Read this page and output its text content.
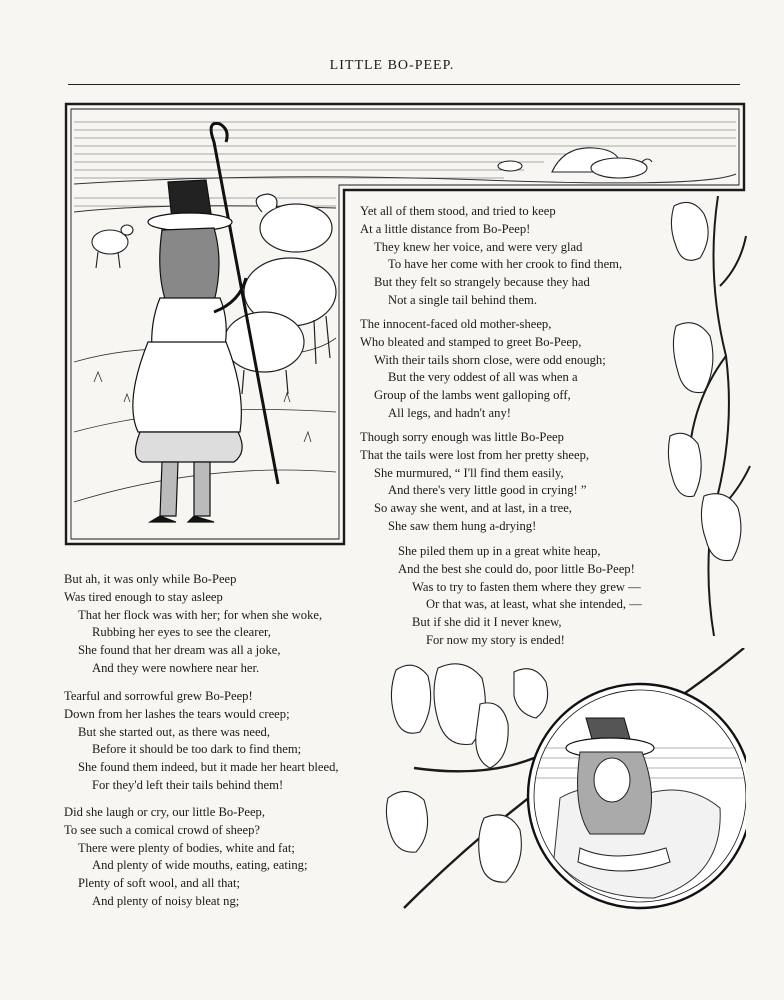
LITTLE BO-PEEP.
Yet all of them stood, and tried to keep
At a little distance from Bo-Peep!
They knew her voice, and were very glad
To have her come with her crook to find them,
But they felt so strangely because they had
Not a single tail behind them.
The innocent-faced old mother-sheep,
Who bleated and stamped to greet Bo-Peep,
With their tails shorn close, were odd enough;
But the very oddest of all was when a
Group of the lambs went galloping off,
All legs, and hadn't any!
Though sorry enough was little Bo-Peep
That the tails were lost from her pretty sheep,
She murmured, “ I'll find them easily,
And there's very little good in crying! ”
So away she went, and at last, in a tree,
She saw them hung a-drying!
She piled them up in a great white heap,
And the best she could do, poor little Bo-Peep!
Was to try to fasten them where they grew —
Or that was, at least, what she intended, —
But if she did it I never knew,
For now my story is ended!
But ah, it was only while Bo-Peep
Was tired enough to stay asleep
That her flock was with her; for when she woke,
Rubbing her eyes to see the clearer,
She found that her dream was all a joke,
And they were nowhere near her.
Tearful and sorrowful grew Bo-Peep!
Down from her lashes the tears would creep;
But she started out, as there was need,
Before it should be too dark to find them;
She found them indeed, but it made her heart bleed,
For they'd left their tails behind them!
Did she laugh or cry, our little Bo-Peep,
To see such a comical crowd of sheep?
There were plenty of bodies, white and fat;
And plenty of wide mouths, eating, eating;
Plenty of soft wool, and all that;
And plenty of noisy bleat ng;
